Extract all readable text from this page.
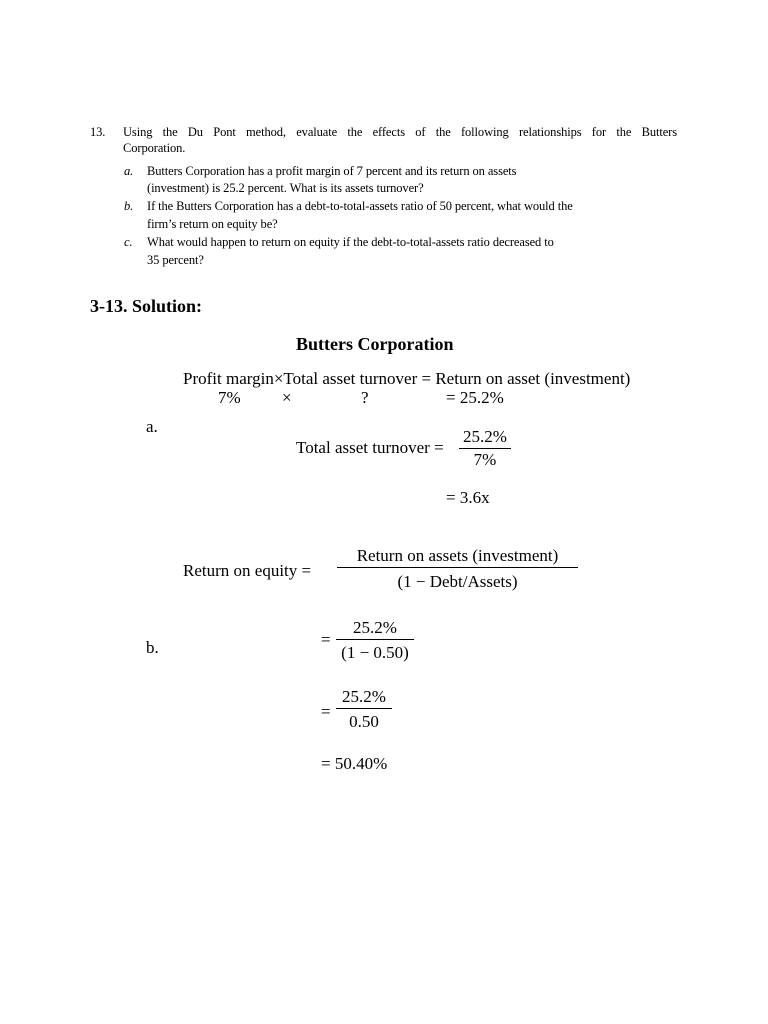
13. Using the Du Pont method, evaluate the effects of the following relationships for the Butters
Corporation.
a. Butters Corporation has a profit margin of 7 percent and its return on assets
(investment) is 25.2 percent. What is its assets turnover?
b. If the Butters Corporation has a debt-to-total-assets ratio of 50 percent, what would the
firm’s return on equity be?
c. What would happen to return on equity if the debt-to-total-assets ratio decreased to
35 percent?
3-13. Solution:
Butters Corporation
Profit margin×Total asset turnover = Return on asset (investment)
7% ×	?	= 25.2%
a.
Total asset turnover =
25.2%
7%
= 3.6x
Return on equity =
Return on assets (investment)
(1 − Debt/Assets)
b.	=
25.2%
(1 − 0.50)
=
25.2%
0.50
= 50.40%
